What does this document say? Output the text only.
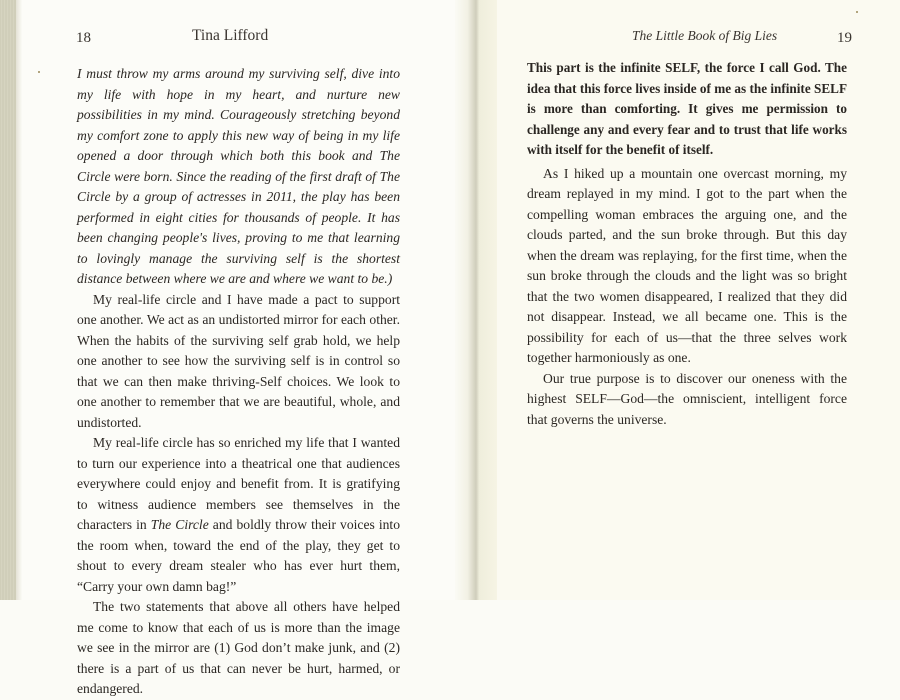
18	Tina Lifford	The Little Book of Big Lies	19

I must throw my arms around my surviving self, dive into my life with hope in my heart, and nurture new possibilities in my mind. Courageously stretching beyond my comfort zone to apply this new way of being in my life opened a door through which both this book and The Circle were born. Since the reading of the first draft of The Circle by a group of actresses in 2011, the play has been performed in eight cities for thousands of people. It has been changing people's lives, proving to me that learning to lovingly manage the surviving self is the shortest distance between where we are and where we want to be.)

My real-life circle and I have made a pact to support one another. We act as an undistorted mirror for each other. When the habits of the surviving self grab hold, we help one another to see how the surviving self is in control so that we can then make thriving-Self choices. We look to one another to remember that we are beautiful, whole, and undistorted.

My real-life circle has so enriched my life that I wanted to turn our experience into a theatrical one that audiences everywhere could enjoy and benefit from. It is gratifying to witness audience members see themselves in the characters in The Circle and boldly throw their voices into the room when, toward the end of the play, they get to shout to every dream stealer who has ever hurt them, “Carry your own damn bag!”

The two statements that above all others have helped me come to know that each of us is more than the image we see in the mirror are (1) God don’t make junk, and (2) there is a part of us that can never be hurt, harmed, or endangered.

This part is the infinite SELF, the force I call God. The idea that this force lives inside of me as the infinite SELF is more than comforting. It gives me permission to challenge any and every fear and to trust that life works with itself for the benefit of itself.

As I hiked up a mountain one overcast morning, my dream replayed in my mind. I got to the part when the compelling woman embraces the arguing one, and the clouds parted, and the sun broke through. But this day when the dream was replaying, for the first time, when the sun broke through the clouds and the light was so bright that the two women disappeared, I realized that they did not disappear. Instead, we all became one. This is the possibility for each of us—that the three selves work together harmoniously as one.

Our true purpose is to discover our oneness with the highest SELF—God—the omniscient, intelligent force that governs the universe.
